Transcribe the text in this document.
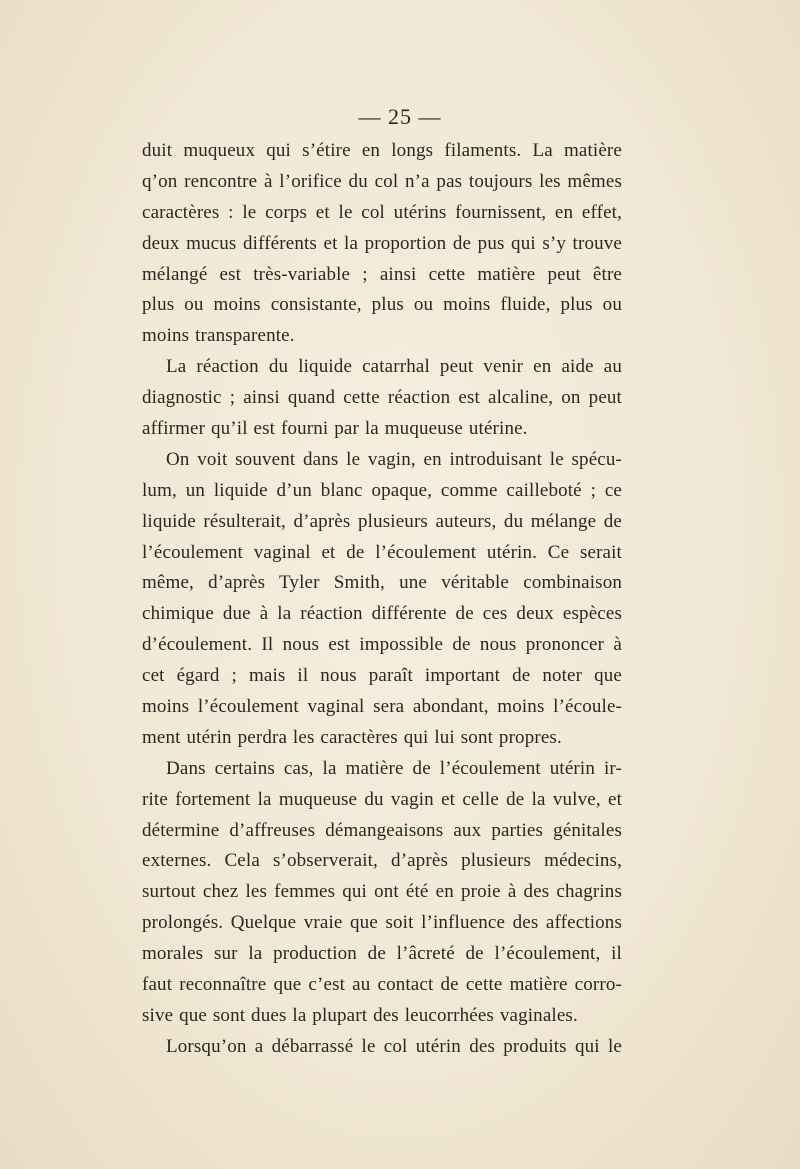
— 25 —
duit muqueux qui s’étire en longs filaments. La matière
q’on rencontre à l’orifice du col n’a pas toujours les mêmes
caractères : le corps et le col utérins fournissent, en effet,
deux mucus différents et la proportion de pus qui s’y trouve
mélangé est très-variable ; ainsi cette matière peut être
plus ou moins consistante, plus ou moins fluide, plus ou
moins transparente.
La réaction du liquide catarrhal peut venir en aide au
diagnostic ; ainsi quand cette réaction est alcaline, on peut
affirmer qu’il est fourni par la muqueuse utérine.
On voit souvent dans le vagin, en introduisant le spécu-
lum, un liquide d’un blanc opaque, comme cailleboté ; ce
liquide résulterait, d’après plusieurs auteurs, du mélange de
l’écoulement vaginal et de l’écoulement utérin. Ce serait
même, d’après Tyler Smith, une véritable combinaison
chimique due à la réaction différente de ces deux espèces
d’écoulement. Il nous est impossible de nous prononcer à
cet égard ; mais il nous paraît important de noter que
moins l’écoulement vaginal sera abondant, moins l’écoule-
ment utérin perdra les caractères qui lui sont propres.
Dans certains cas, la matière de l’écoulement utérin ir-
rite fortement la muqueuse du vagin et celle de la vulve, et
détermine d’affreuses démangeaisons aux parties génitales
externes. Cela s’observerait, d’après plusieurs médecins,
surtout chez les femmes qui ont été en proie à des chagrins
prolongés. Quelque vraie que soit l’influence des affections
morales sur la production de l’âcreté de l’écoulement, il
faut reconnaître que c’est au contact de cette matière corro-
sive que sont dues la plupart des leucorrhées vaginales.
Lorsqu’on a débarrassé le col utérin des produits qui le
